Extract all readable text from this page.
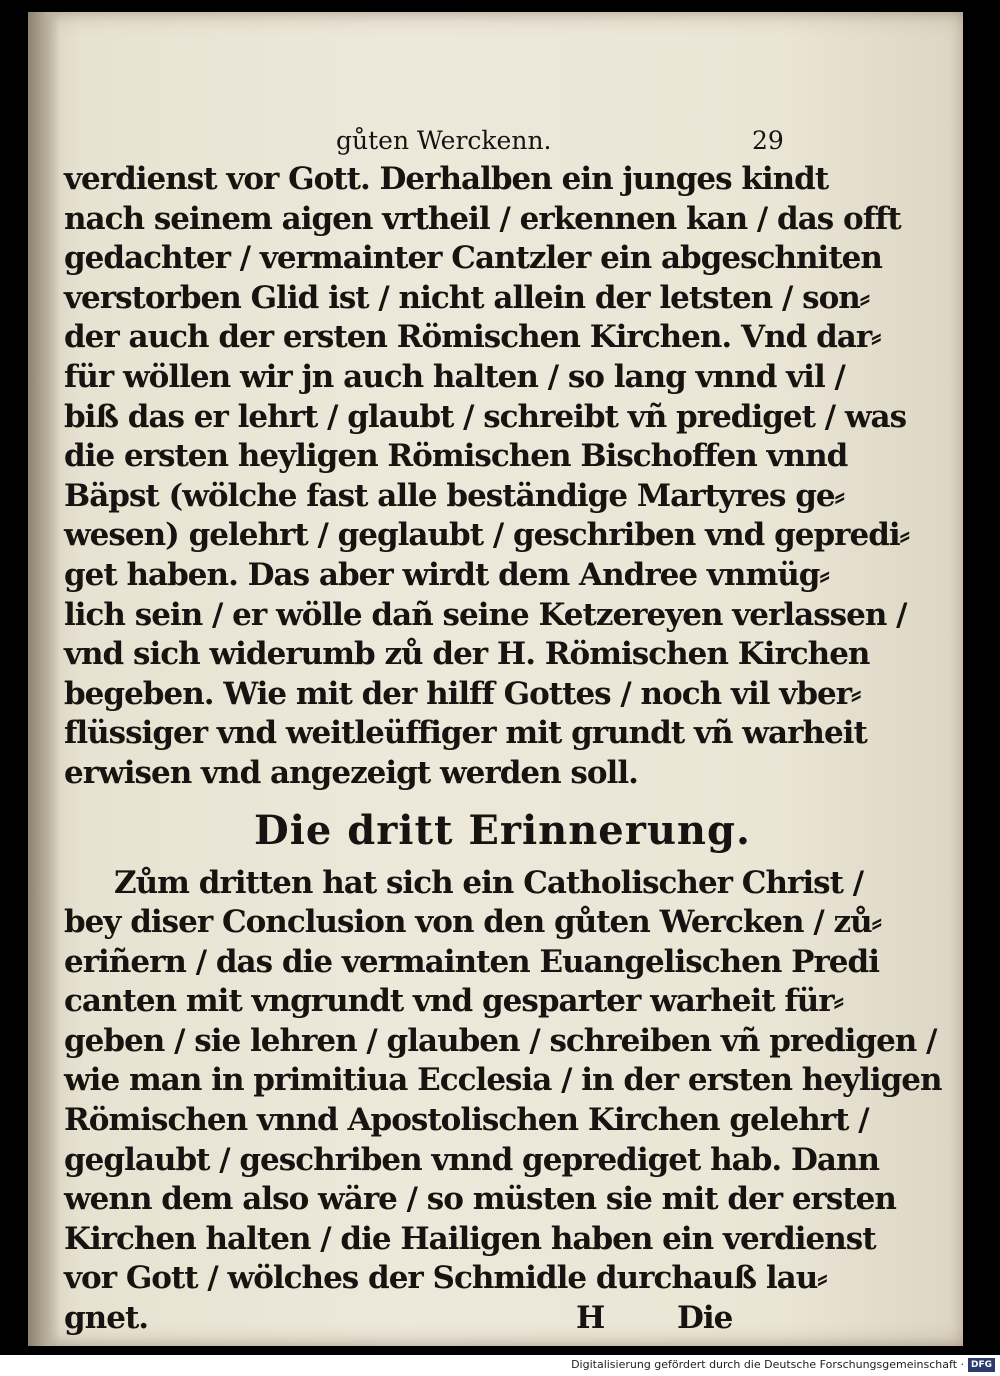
gůten Werckenn.	29
verdienst vor Gott. Derhalben ein junges kindt
nach seinem aigen vrtheil / erkennen kan / das offt
gedachter / vermainter Cantzler ein abgeschniten
verstorben Glid ist / nicht allein der letsten / son⸗
der auch der ersten Römischen Kirchen. Vnd dar⸗
für wöllen wir jn auch halten / so lang vnnd vil /
biß das er lehrt / glaubt / schreibt vñ prediget / was
die ersten heyligen Römischen Bischoffen vnnd
Bäpst (wölche fast alle beständige Martyres ge⸗
wesen) gelehrt / geglaubt / geschriben vnd gepredi⸗
get haben. Das aber wirdt dem Andree vnmüg⸗
lich sein / er wölle dañ seine Ketzereyen verlassen /
vnd sich widerumb zů der H. Römischen Kirchen
begeben. Wie mit der hilff Gottes / noch vil vber⸗
flüssiger vnd weitleüffiger mit grundt vñ warheit
erwisen vnd angezeigt werden soll.
Die dritt Erinnerung.
Zům dritten hat sich ein Catholischer Christ /
bey diser Conclusion von den gůten Wercken / zů⸗
eriñern / das die vermainten Euangelischen Predi
canten mit vngrundt vnd gesparter warheit für⸗
geben / sie lehren / glauben / schreiben vñ predigen /
wie man in primitiua Ecclesia / in der ersten heyligen
Römischen vnnd Apostolischen Kirchen gelehrt /
geglaubt / geschriben vnnd geprediget hab. Dann
wenn dem also wäre / so müsten sie mit der ersten
Kirchen halten / die Hailigen haben ein verdienst
vor Gott / wölches der Schmidle durchauß lau⸗
gnet.	H Die
Digitalisierung gefördert durch die Deutsche Forschungsgemeinschaft · DFG
